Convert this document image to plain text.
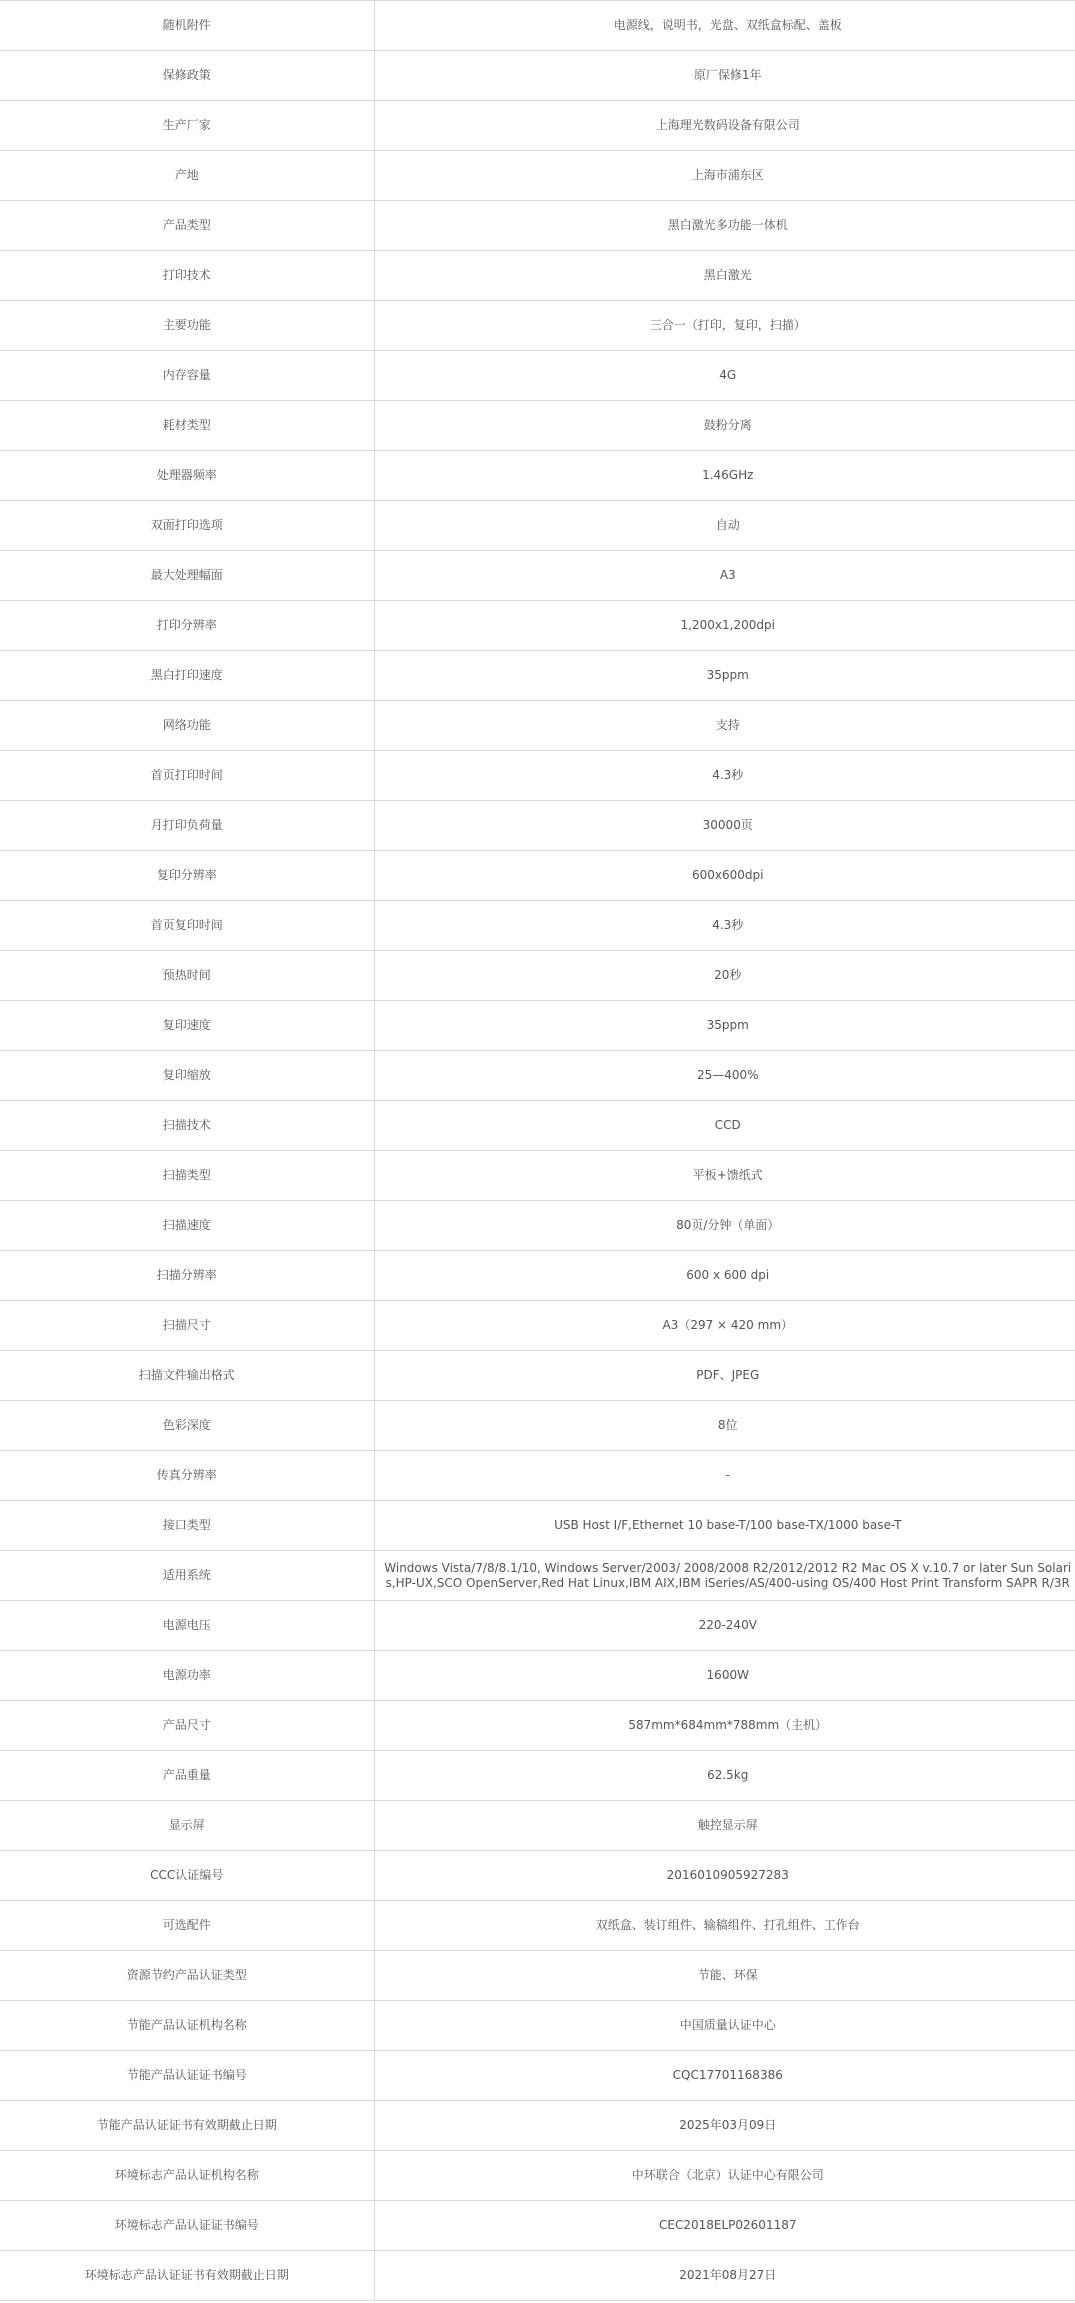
随机附件	电源线，说明书，光盘、双纸盒标配、盖板
保修政策	原厂保修1年
生产厂家	上海理光数码设备有限公司
产地	上海市浦东区
产品类型	黑白激光多功能一体机
打印技术	黑白激光
主要功能	三合一（打印，复印，扫描）
内存容量	4G
耗材类型	鼓粉分离
处理器频率	1.46GHz
双面打印选项	自动
最大处理幅面	A3
打印分辨率	1,200x1,200dpi
黑白打印速度	35ppm
网络功能	支持
首页打印时间	4.3秒
月打印负荷量	30000页
复印分辨率	600x600dpi
首页复印时间	4.3秒
预热时间	20秒
复印速度	35ppm
复印缩放	25—400%
扫描技术	CCD
扫描类型	平板+馈纸式
扫描速度	80页/分钟（单面）
扫描分辨率	600 x 600 dpi
扫描尺寸	A3（297 × 420 mm）
扫描文件输出格式	PDF、JPEG
色彩深度	8位
传真分辨率	-
接口类型	USB Host I/F,Ethernet 10 base-T/100 base-TX/1000 base-T
适用系统	Windows Vista/7/8/8.1/10, Windows Server/2003/ 2008/2008 R2/2012/2012 R2 Mac OS X v.10.7 or later Sun Solaris,HP-UX,SCO OpenServer,Red Hat Linux,IBM AIX,IBM iSeries/AS/400-using OS/400 Host Print Transform SAPR R/3R
电源电压	220-240V
电源功率	1600W
产品尺寸	587mm*684mm*788mm（主机）
产品重量	62.5kg
显示屏	触控显示屏
CCC认证编号	2016010905927283
可选配件	双纸盒、装订组件、输稿组件、打孔组件、工作台
资源节约产品认证类型	节能、环保
节能产品认证机构名称	中国质量认证中心
节能产品认证证书编号	CQC17701168386
节能产品认证证书有效期截止日期	2025年03月09日
环境标志产品认证机构名称	中环联合（北京）认证中心有限公司
环境标志产品认证证书编号	CEC2018ELP02601187
环境标志产品认证证书有效期截止日期	2021年08月27日
